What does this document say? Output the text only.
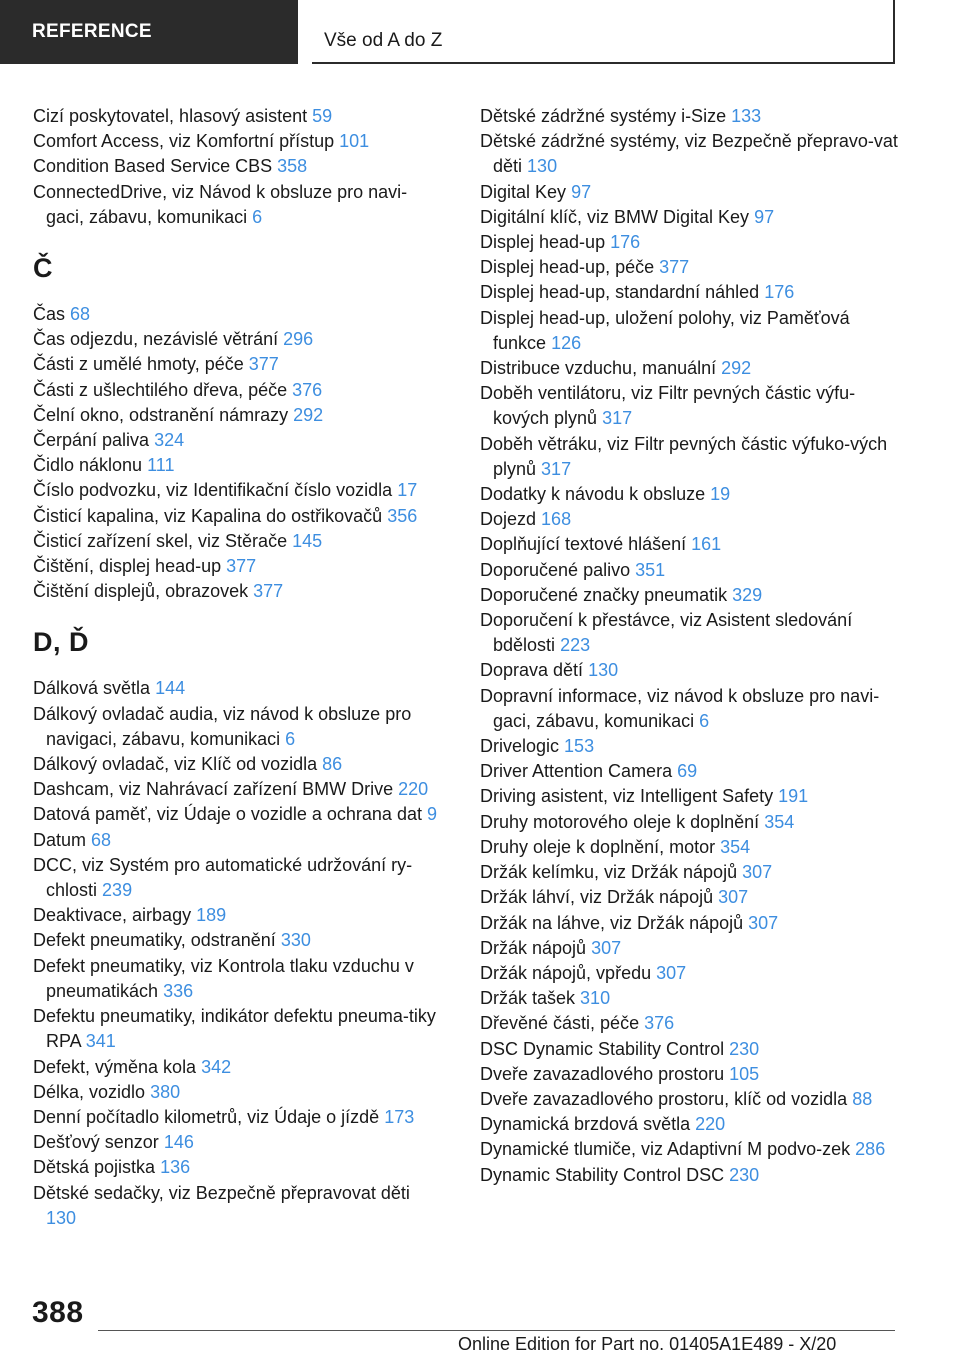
REFERENCE	Vše od A do Z
Cizí poskytovatel, hlasový asistent 59
Comfort Access, viz Komfortní přístup 101
Condition Based Service CBS 358
ConnectedDrive, viz Návod k obsluze pro navi-gaci, zábavu, komunikaci 6
Č
Čas 68
Čas odjezdu, nezávislé větrání 296
Části z umělé hmoty, péče 377
Části z ušlechtilého dřeva, péče 376
Čelní okno, odstranění námrazy 292
Čerpání paliva 324
Čidlo náklonu 111
Číslo podvozku, viz Identifikační číslo vozidla 17
Čisticí kapalina, viz Kapalina do ostřikovačů 356
Čisticí zařízení skel, viz Stěrače 145
Čištění, displej head-up 377
Čištění displejů, obrazovek 377
D, Ď
Dálková světla 144
Dálkový ovladač audia, viz návod k obsluze pro navigaci, zábavu, komunikaci 6
Dálkový ovladač, viz Klíč od vozidla 86
Dashcam, viz Nahrávací zařízení BMW Drive 220
Datová paměť, viz Údaje o vozidle a ochrana dat 9
Datum 68
DCC, viz Systém pro automatické udržování ry-chlosti 239
Deaktivace, airbagy 189
Defekt pneumatiky, odstranění 330
Defekt pneumatiky, viz Kontrola tlaku vzduchu v pneumatikách 336
Defektu pneumatiky, indikátor defektu pneuma-tiky RPA 341
Defekt, výměna kola 342
Délka, vozidlo 380
Denní počítadlo kilometrů, viz Údaje o jízdě 173
Dešťový senzor 146
Dětská pojistka 136
Dětské sedačky, viz Bezpečně přepravovat děti 130
Dětské zádržné systémy i-Size 133
Dětské zádržné systémy, viz Bezpečně přepravo-vat děti 130
Digital Key 97
Digitální klíč, viz BMW Digital Key 97
Displej head-up 176
Displej head-up, péče 377
Displej head-up, standardní náhled 176
Displej head-up, uložení polohy, viz Paměťová funkce 126
Distribuce vzduchu, manuální 292
Doběh ventilátoru, viz Filtr pevných částic výfu-kových plynů 317
Doběh větráku, viz Filtr pevných částic výfuko-vých plynů 317
Dodatky k návodu k obsluze 19
Dojezd 168
Doplňující textové hlášení 161
Doporučené palivo 351
Doporučené značky pneumatik 329
Doporučení k přestávce, viz Asistent sledování bdělosti 223
Doprava dětí 130
Dopravní informace, viz návod k obsluze pro navi-gaci, zábavu, komunikaci 6
Drivelogic 153
Driver Attention Camera 69
Driving asistent, viz Intelligent Safety 191
Druhy motorového oleje k doplnění 354
Druhy oleje k doplnění, motor 354
Držák kelímku, viz Držák nápojů 307
Držák láhví, viz Držák nápojů 307
Držák na láhve, viz Držák nápojů 307
Držák nápojů 307
Držák nápojů, vpředu 307
Držák tašek 310
Dřevěné části, péče 376
DSC Dynamic Stability Control 230
Dveře zavazadlového prostoru 105
Dveře zavazadlového prostoru, klíč od vozidla 88
Dynamická brzdová světla 220
Dynamické tlumiče, viz Adaptivní M podvo-zek 286
Dynamic Stability Control DSC 230
388
Online Edition for Part no. 01405A1E489 - X/20
